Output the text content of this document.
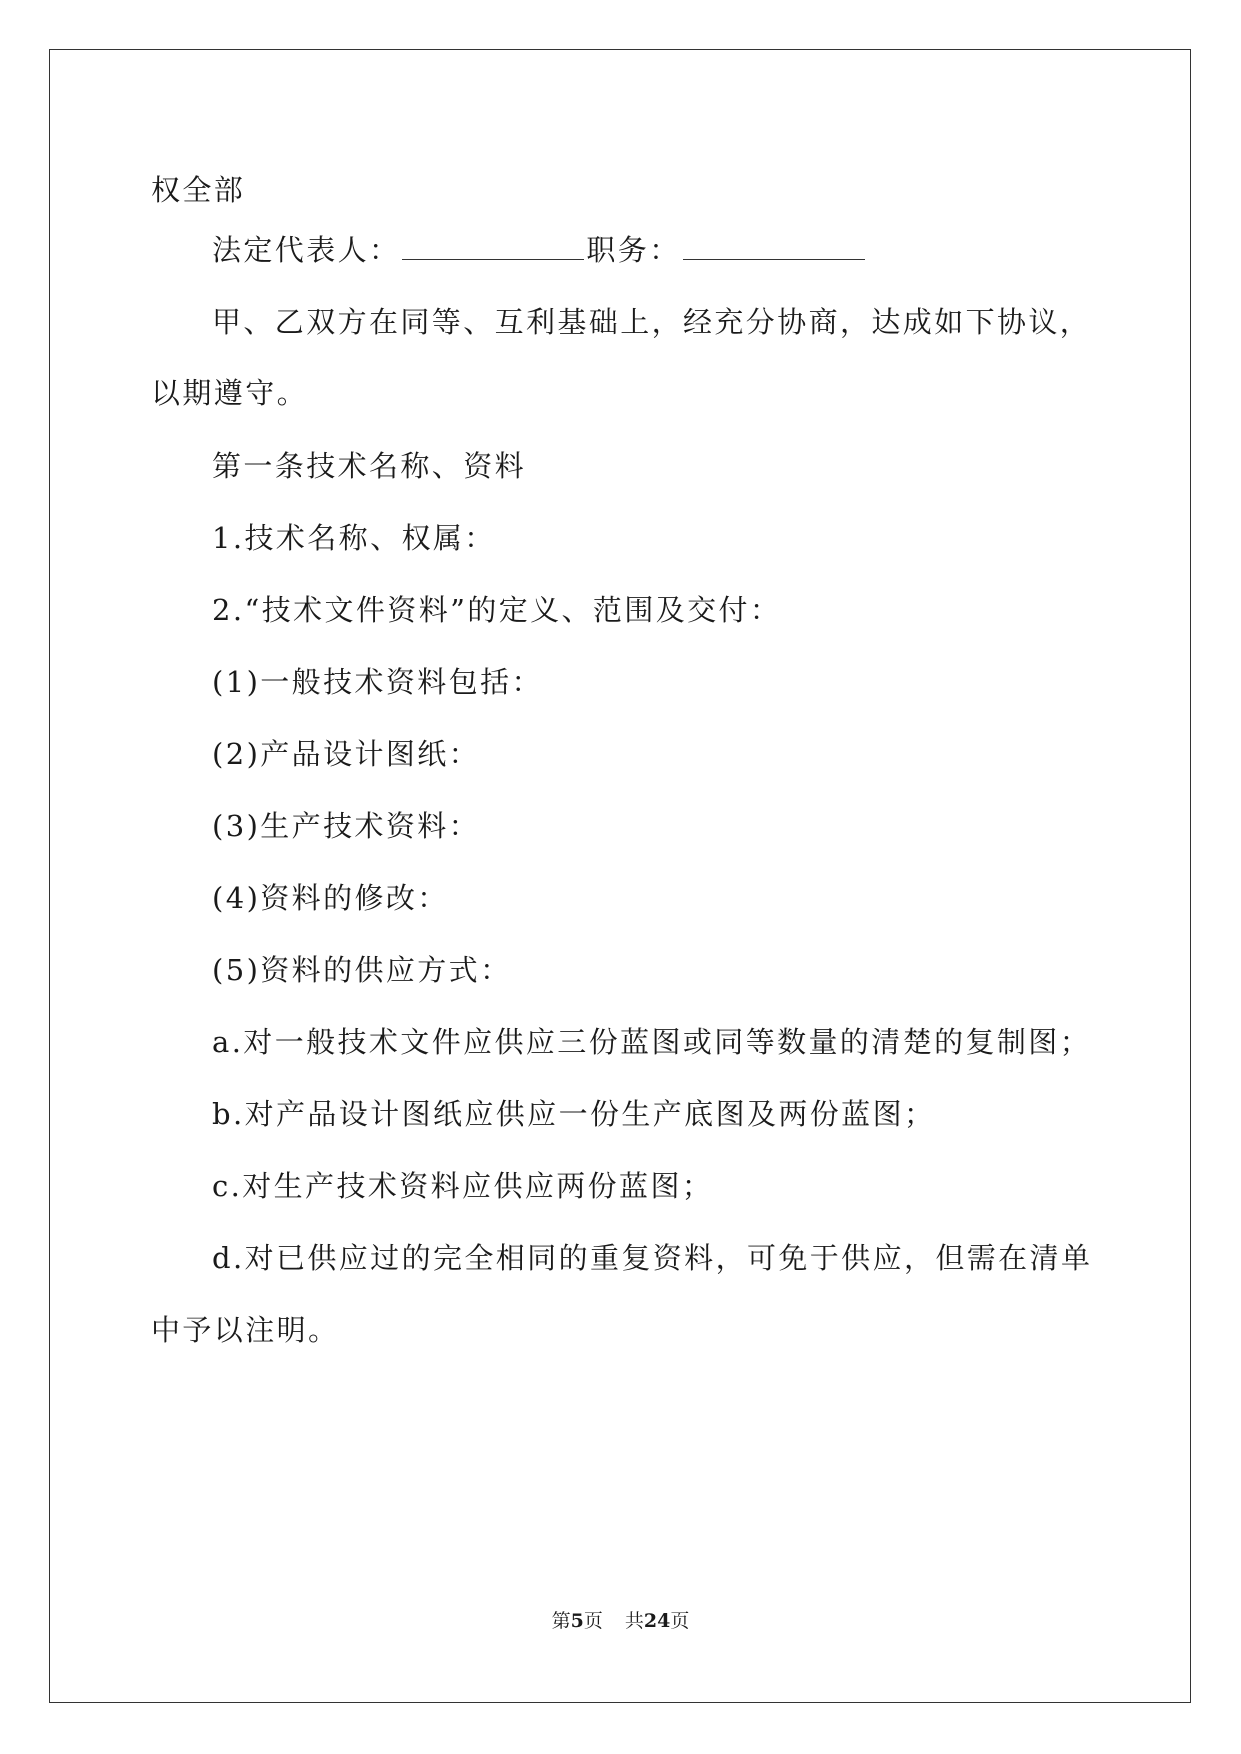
权全部
法定代表人：	职务：
甲、乙双方在同等、互利基础上，经充分协商，达成如下协议，
以期遵守。
第一条技术名称、资料
1.技术名称、权属：
2.“技术文件资料”的定义、范围及交付：
(1)一般技术资料包括：
(2)产品设计图纸：
(3)生产技术资料：
(4)资料的修改：
(5)资料的供应方式：
a.对一般技术文件应供应三份蓝图或同等数量的清楚的复制图；
b.对产品设计图纸应供应一份生产底图及两份蓝图；
c.对生产技术资料应供应两份蓝图；
d.对已供应过的完全相同的重复资料，可免于供应，但需在清单
中予以注明。
第5页 共24页
